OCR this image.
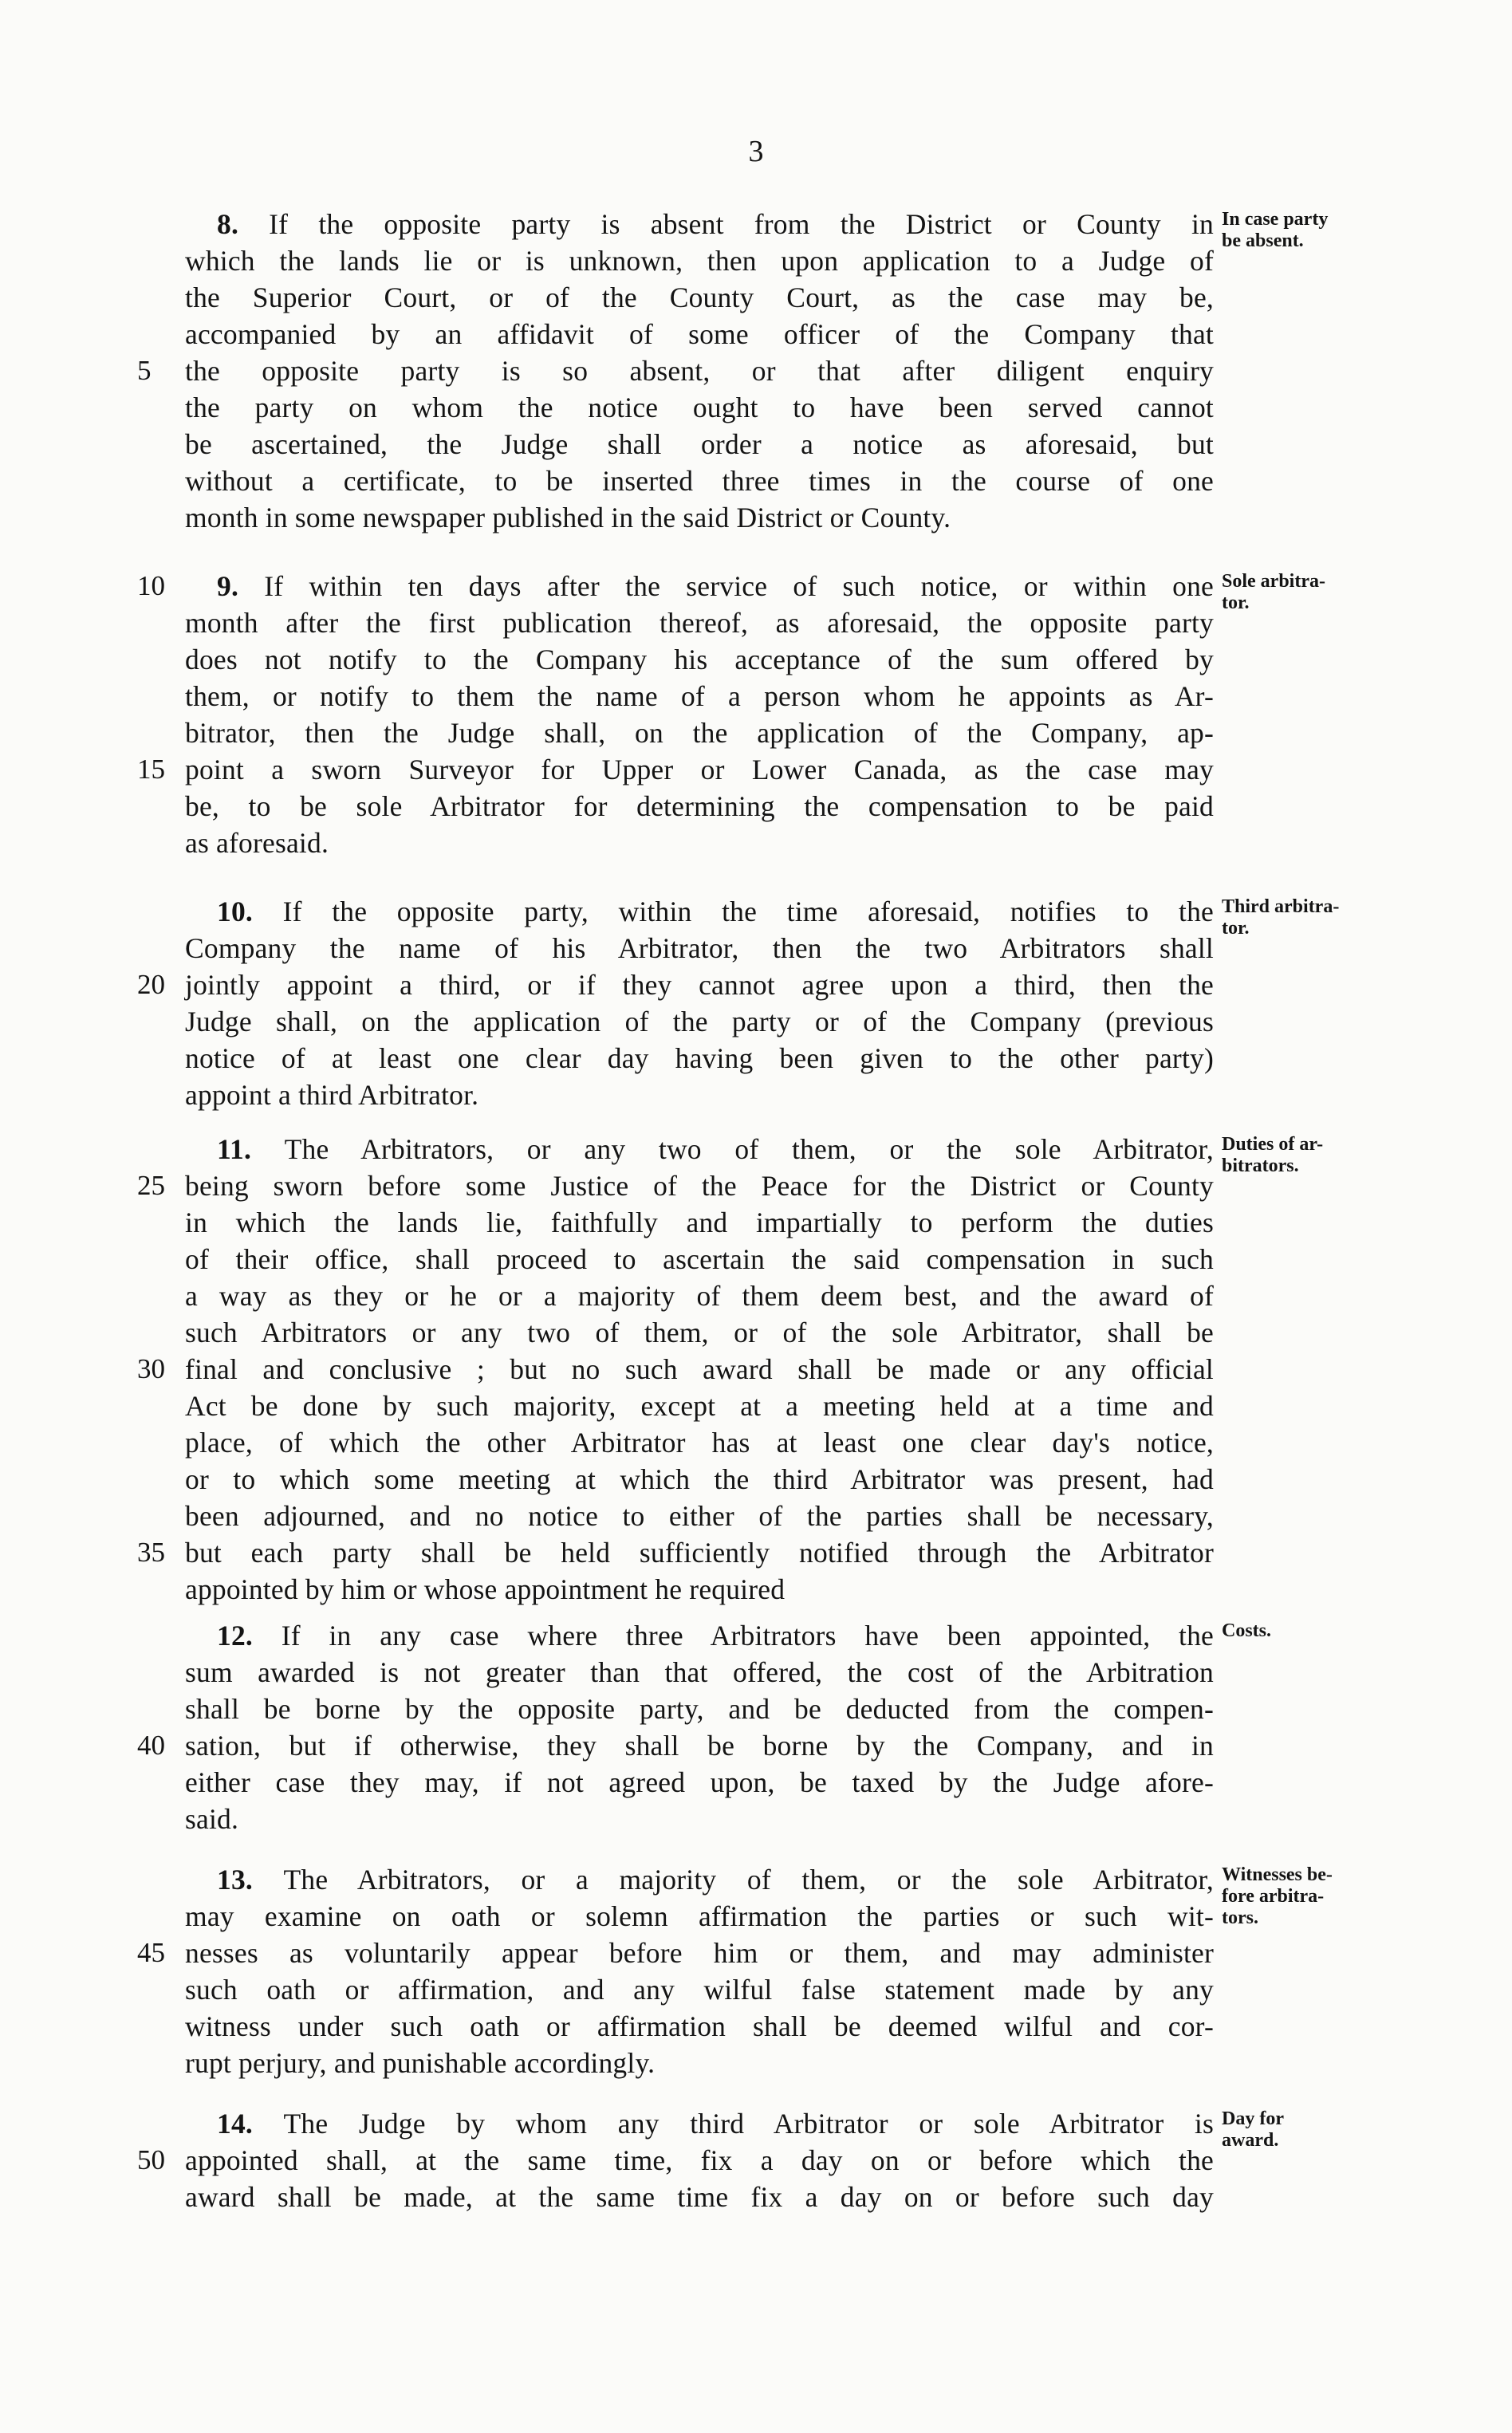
3
In case party
be absent.
8. If the opposite party is absent from the District or County in
which the lands lie or is unknown, then upon application to a Judge of
the Superior Court, or of the County Court, as the case may be,
accompanied by an affidavit of some officer of the Company that
the opposite party is so absent, or that after diligent enquiry
5
the party on whom the notice ought to have been served cannot
be ascertained, the Judge shall order a notice as aforesaid, but
without a certificate, to be inserted three times in the course of one
month in some newspaper published in the said District or County.
Sole arbitra-
tor.
9. If within ten days after the service of such notice, or within one
10
month after the first publication thereof, as aforesaid, the opposite party
does not notify to the Company his acceptance of the sum offered by
them, or notify to them the name of a person whom he appoints as Ar-
bitrator, then the Judge shall, on the application of the Company, ap-
point a sworn Surveyor for Upper or Lower Canada, as the case may
15
be, to be sole Arbitrator for determining the compensation to be paid
as aforesaid.
Third arbitra-
tor.
10. If the opposite party, within the time aforesaid, notifies to the
Company the name of his Arbitrator, then the two Arbitrators shall
jointly appoint a third, or if they cannot agree upon a third, then the
20
Judge shall, on the application of the party or of the Company (previous
notice of at least one clear day having been given to the other party)
appoint a third Arbitrator.
Duties of ar-
bitrators.
11. The Arbitrators, or any two of them, or the sole Arbitrator,
being sworn before some Justice of the Peace for the District or County
25
in which the lands lie, faithfully and impartially to perform the duties
of their office, shall proceed to ascertain the said compensation in such
a way as they or he or a majority of them deem best, and the award of
such Arbitrators or any two of them, or of the sole Arbitrator, shall be
final and conclusive ; but no such award shall be made or any official
30
Act be done by such majority, except at a meeting held at a time and
place, of which the other Arbitrator has at least one clear day's notice,
or to which some meeting at which the third Arbitrator was present, had
been adjourned, and no notice to either of the parties shall be necessary,
but each party shall be held sufficiently notified through the Arbitrator
35
appointed by him or whose appointment he required
Costs.
12. If in any case where three Arbitrators have been appointed, the
sum awarded is not greater than that offered, the cost of the Arbitration
shall be borne by the opposite party, and be deducted from the compen-
sation, but if otherwise, they shall be borne by the Company, and in
40
either case they may, if not agreed upon, be taxed by the Judge afore-
said.
Witnesses be-
fore arbitra-
tors.
13. The Arbitrators, or a majority of them, or the sole Arbitrator,
may examine on oath or solemn affirmation the parties or such wit-
nesses as voluntarily appear before him or them, and may administer
45
such oath or affirmation, and any wilful false statement made by any
witness under such oath or affirmation shall be deemed wilful and cor-
rupt perjury, and punishable accordingly.
Day for
award.
14. The Judge by whom any third Arbitrator or sole Arbitrator is
appointed shall, at the same time, fix a day on or before which the
50
award shall be made, at the same time fix a day on or before such day
